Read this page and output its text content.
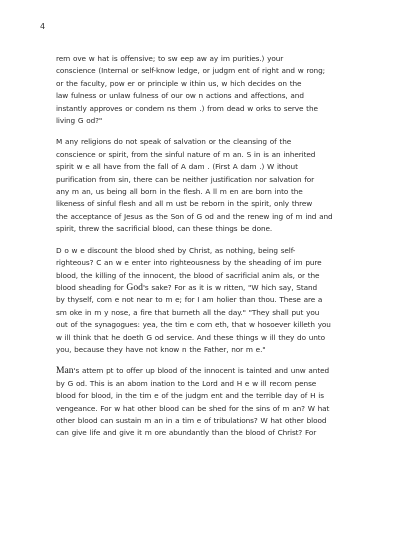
4

rem ove w hat is offensive; to sw eep aw ay im purities.) your
conscience (Internal or self-know ledge, or judgm ent of right and w rong;
or the faculty, pow er or principle w ithin us, w hich decides on the
law fulness or unlaw fulness of our ow n actions and affections, and
instantly approves or condem ns them .) from dead w orks to serve the
living G od?"

M any religions do not speak of salvation or the cleansing of the
conscience or spirit, from the sinful nature of m an. S in is an inherited
spirit w e all have from the fall of A dam . (First A dam .) W ithout
purification from sin, there can be neither justification nor salvation for
any m an, us being all born in the flesh. A ll m en are born into the
likeness of sinful flesh and all m ust be reborn in the spirit, only threw
the acceptance of Jesus as the Son of G od and the renew ing of m ind and
spirit, threw the sacrificial blood, can these things be done.

D o w e discount the blood shed by Christ, as nothing, being self-
righteous? C an w e enter into righteousness by the sheading of im pure
blood, the killing of the innocent, the blood of sacrificial anim als, or the
blood sheading for God's sake? For as it is w ritten, "W hich say, Stand
by thyself, com e not near to m e; for I am holier than thou. These are a
sm oke in m y nose, a fire that burneth all the day." "They shall put you
out of the synagogues: yea, the tim e com eth, that w hosoever killeth you
w ill think that he doeth G od service. And these things w ill they do unto
you, because they have not know n the Father, nor m e."

Man's attem pt to offer up blood of the innocent is tainted and unw anted
by G od. This is an abom ination to the Lord and H e w ill recom pense
blood for blood, in the tim e of the judgm ent and the terrible day of H is
vengeance. For w hat other blood can be shed for the sins of m an? W hat
other blood can sustain m an in a tim e of tribulations? W hat other blood
can give life and give it m ore abundantly than the blood of Christ? For
